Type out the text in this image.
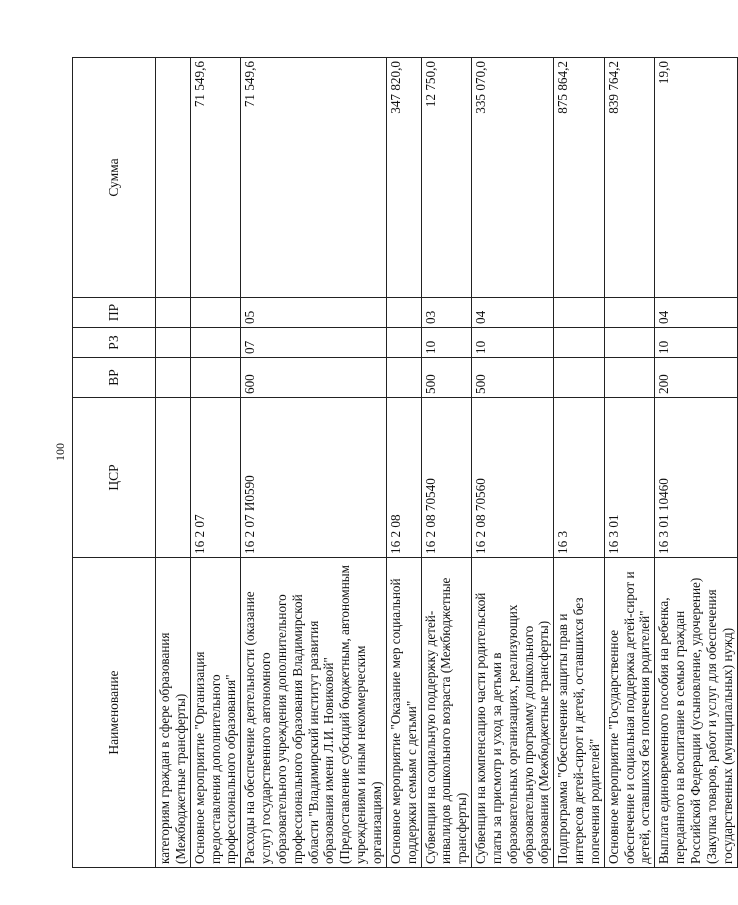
100
Наименование	ЦСР	ВР	РЗ	ПР	Сумма
категориям граждан в сфере образования (Межбюджетные трансферты)					
Основное мероприятие "Организация предоставления дополнительного профессионального образования"	16 2 07				71 549,6
Расходы на обеспечение деятельности (оказание услуг) государственного автономного образовательного учреждения дополнительного профессионального образования Владимирской области "Владимирский институт развития образования имени Л.И. Новиковой" (Предоставление субсидий бюджетным, автономным учреждениям и иным некоммерческим организациям)	16 2 07 И0590	600	07	05	71 549,6
Основное мероприятие "Оказание мер социальной поддержки семьям с детьми"	16 2 08				347 820,0
Субвенции на социальную поддержку детей-инвалидов дошкольного возраста (Межбюджетные трансферты)	16 2 08 70540	500	10	03	12 750,0
Субвенции на компенсацию части родительской платы за присмотр и уход за детьми в образовательных организациях, реализующих образовательную программу дошкольного образования (Межбюджетные трансферты)	16 2 08 70560	500	10	04	335 070,0
Подпрограмма "Обеспечение защиты прав и интересов детей-сирот и детей, оставшихся без попечения родителей"	16 3				875 864,2
Основное мероприятие "Государственное обеспечение и социальная поддержка детей-сирот и детей, оставшихся без попечения родителей"	16 3 01				839 764,2
Выплата единовременного пособия на ребенка, переданного на воспитание в семью граждан Российской Федерации (усыновление, удочерение) (Закупка товаров, работ и услуг для обеспечения государственных (муниципальных) нужд)	16 3 01 10460	200	10	04	19,0
